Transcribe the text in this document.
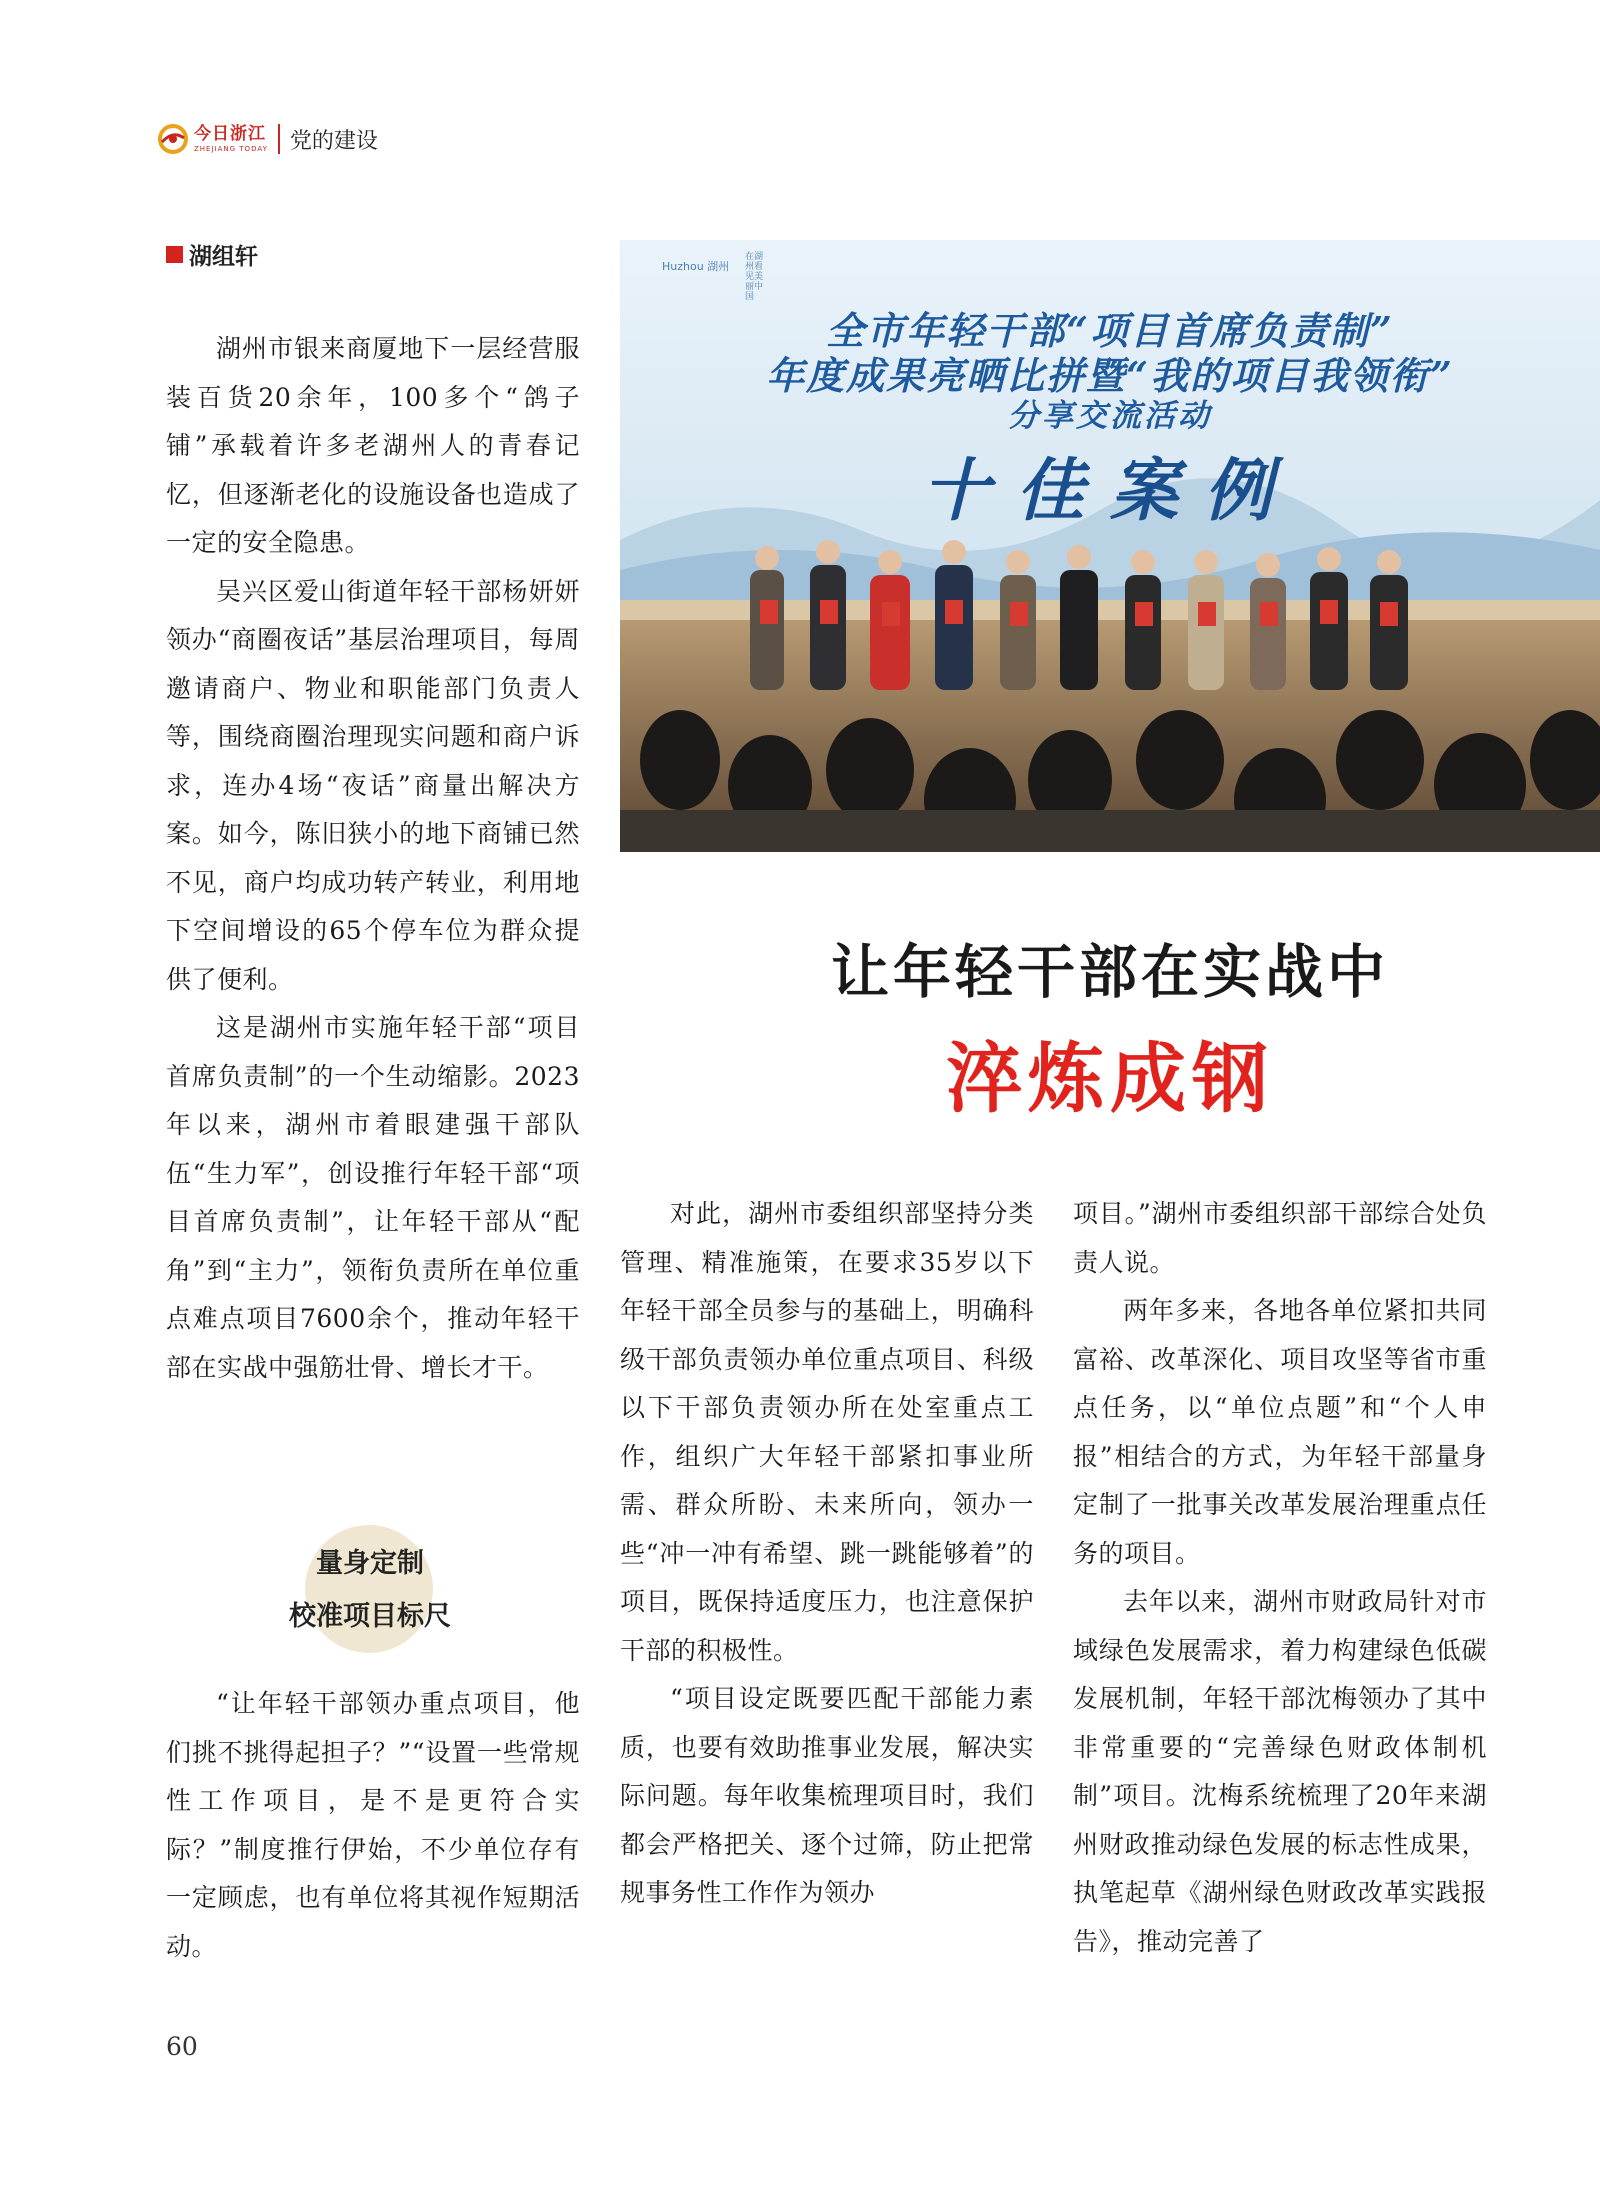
今日浙江
ZHEJIANG TODAY 党的建设
湖组轩

湖州市银来商厦地下一层经营服装百货20余年，100多个“鸽子铺”承载着许多老湖州人的青春记忆，但逐渐老化的设施设备也造成了一定的安全隐患。

吴兴区爱山街道年轻干部杨妍妍领办“商圈夜话”基层治理项目，每周邀请商户、物业和职能部门负责人等，围绕商圈治理现实问题和商户诉求，连办4场“夜话”商量出解决方案。如今，陈旧狭小的地下商铺已然不见，商户均成功转产转业，利用地下空间增设的65个停车位为群众提供了便利。

这是湖州市实施年轻干部“项目首席负责制”的一个生动缩影。2023年以来，湖州市着眼建强干部队伍“生力军”，创设推行年轻干部“项目首席负责制”，让年轻干部从“配角”到“主力”，领衔负责所在单位重点难点项目7600余个，推动年轻干部在实战中强筋壮骨、增长才干。

量身定制
校准项目标尺

“让年轻干部领办重点项目，他们挑不挑得起担子？”“设置一些常规性工作项目，是不是更符合实际？”制度推行伊始，不少单位存有一定顾虑，也有单位将其视作短期活动。

Huzhou 湖州
在湖州看见美丽中国
全市年轻干部“项目首席负责制”
年度成果亮晒比拼暨“我的项目我领衔”
分享交流活动
十佳案例
让年轻干部在实战中
淬炼成钢

对此，湖州市委组织部坚持分类管理、精准施策，在要求35岁以下年轻干部全员参与的基础上，明确科级干部负责领办单位重点项目、科级以下干部负责领办所在处室重点工作，组织广大年轻干部紧扣事业所需、群众所盼、未来所向，领办一些“冲一冲有希望、跳一跳能够着”的项目，既保持适度压力，也注意保护干部的积极性。

“项目设定既要匹配干部能力素质，也要有效助推事业发展，解决实际问题。每年收集梳理项目时，我们都会严格把关、逐个过筛，防止把常规事务性工作作为领办

项目。”湖州市委组织部干部综合处负责人说。

两年多来，各地各单位紧扣共同富裕、改革深化、项目攻坚等省市重点任务，以“单位点题”和“个人申报”相结合的方式，为年轻干部量身定制了一批事关改革发展治理重点任务的项目。

去年以来，湖州市财政局针对市域绿色发展需求，着力构建绿色低碳发展机制，年轻干部沈梅领办了其中非常重要的“完善绿色财政体制机制”项目。沈梅系统梳理了20年来湖州财政推动绿色发展的标志性成果，执笔起草《湖州绿色财政改革实践报告》，推动完善了

60
